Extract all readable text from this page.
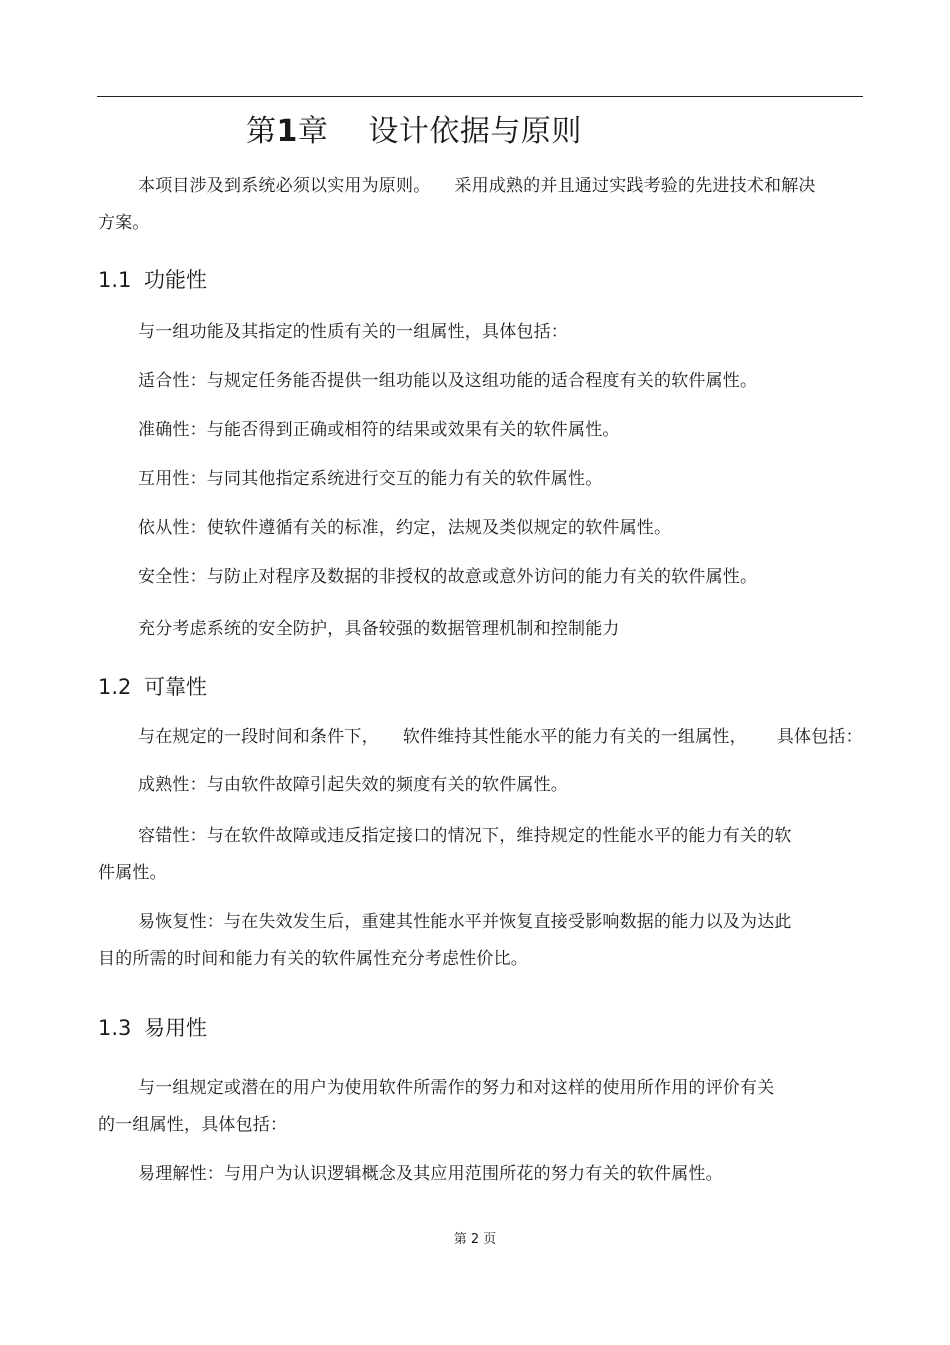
第1章 设计依据与原则
本项目涉及到系统必须以实用为原则。 采用成熟的并且通过实践考验的先进技术和解决
方案。
1.1 功能性
与一组功能及其指定的性质有关的一组属性，具体包括：
适合性：与规定任务能否提供一组功能以及这组功能的适合程度有关的软件属性。
准确性：与能否得到正确或相符的结果或效果有关的软件属性。
互用性：与同其他指定系统进行交互的能力有关的软件属性。
依从性：使软件遵循有关的标准，约定，法规及类似规定的软件属性。
安全性：与防止对程序及数据的非授权的故意或意外访问的能力有关的软件属性。
充分考虑系统的安全防护，具备较强的数据管理机制和控制能力
1.2 可靠性
与在规定的一段时间和条件下， 软件维持其性能水平的能力有关的一组属性， 具体包括：
成熟性：与由软件故障引起失效的频度有关的软件属性。
容错性：与在软件故障或违反指定接口的情况下，维持规定的性能水平的能力有关的软
件属性。
易恢复性：与在失效发生后，重建其性能水平并恢复直接受影响数据的能力以及为达此
目的所需的时间和能力有关的软件属性充分考虑性价比。
1.3 易用性
与一组规定或潜在的用户为使用软件所需作的努力和对这样的使用所作用的评价有关
的一组属性，具体包括：
易理解性：与用户为认识逻辑概念及其应用范围所花的努力有关的软件属性。
第 2 页
